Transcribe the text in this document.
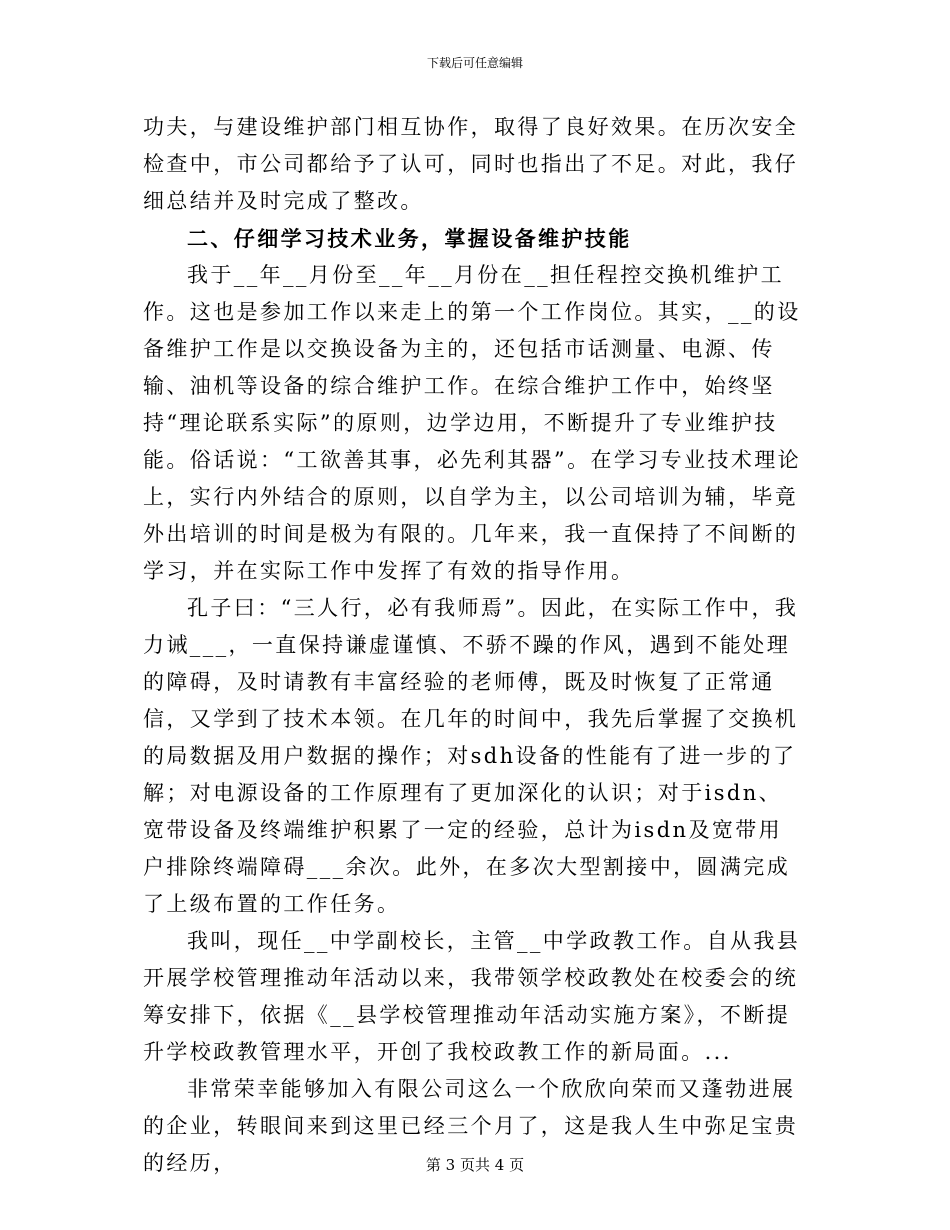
下载后可任意编辑

功夫，与建设维护部门相互协作，取得了良好效果。在历次安全检查中，市公司都给予了认可，同时也指出了不足。对此，我仔细总结并及时完成了整改。

二、仔细学习技术业务，掌握设备维护技能

我于__年__月份至__年__月份在__担任程控交换机维护工作。这也是参加工作以来走上的第一个工作岗位。其实，__的设备维护工作是以交换设备为主的，还包括市话测量、电源、传输、油机等设备的综合维护工作。在综合维护工作中，始终坚持“理论联系实际”的原则，边学边用，不断提升了专业维护技能。俗话说：“工欲善其事，必先利其器”。在学习专业技术理论上，实行内外结合的原则，以自学为主，以公司培训为辅，毕竟外出培训的时间是极为有限的。几年来，我一直保持了不间断的学习，并在实际工作中发挥了有效的指导作用。

孔子曰：“三人行，必有我师焉”。因此，在实际工作中，我力诫___，一直保持谦虚谨慎、不骄不躁的作风，遇到不能处理的障碍，及时请教有丰富经验的老师傅，既及时恢复了正常通信，又学到了技术本领。在几年的时间中，我先后掌握了交换机的局数据及用户数据的操作；对sdh设备的性能有了进一步的了解；对电源设备的工作原理有了更加深化的认识；对于isdn、宽带设备及终端维护积累了一定的经验，总计为isdn及宽带用户排除终端障碍___余次。此外，在多次大型割接中，圆满完成了上级布置的工作任务。

我叫，现任__中学副校长，主管__中学政教工作。自从我县开展学校管理推动年活动以来，我带领学校政教处在校委会的统筹安排下，依据《__县学校管理推动年活动实施方案》，不断提升学校政教管理水平，开创了我校政教工作的新局面。...

非常荣幸能够加入有限公司这么一个欣欣向荣而又蓬勃进展的企业，转眼间来到这里已经三个月了，这是我人生中弥足宝贵的经历，	第 3 页共 4 页
